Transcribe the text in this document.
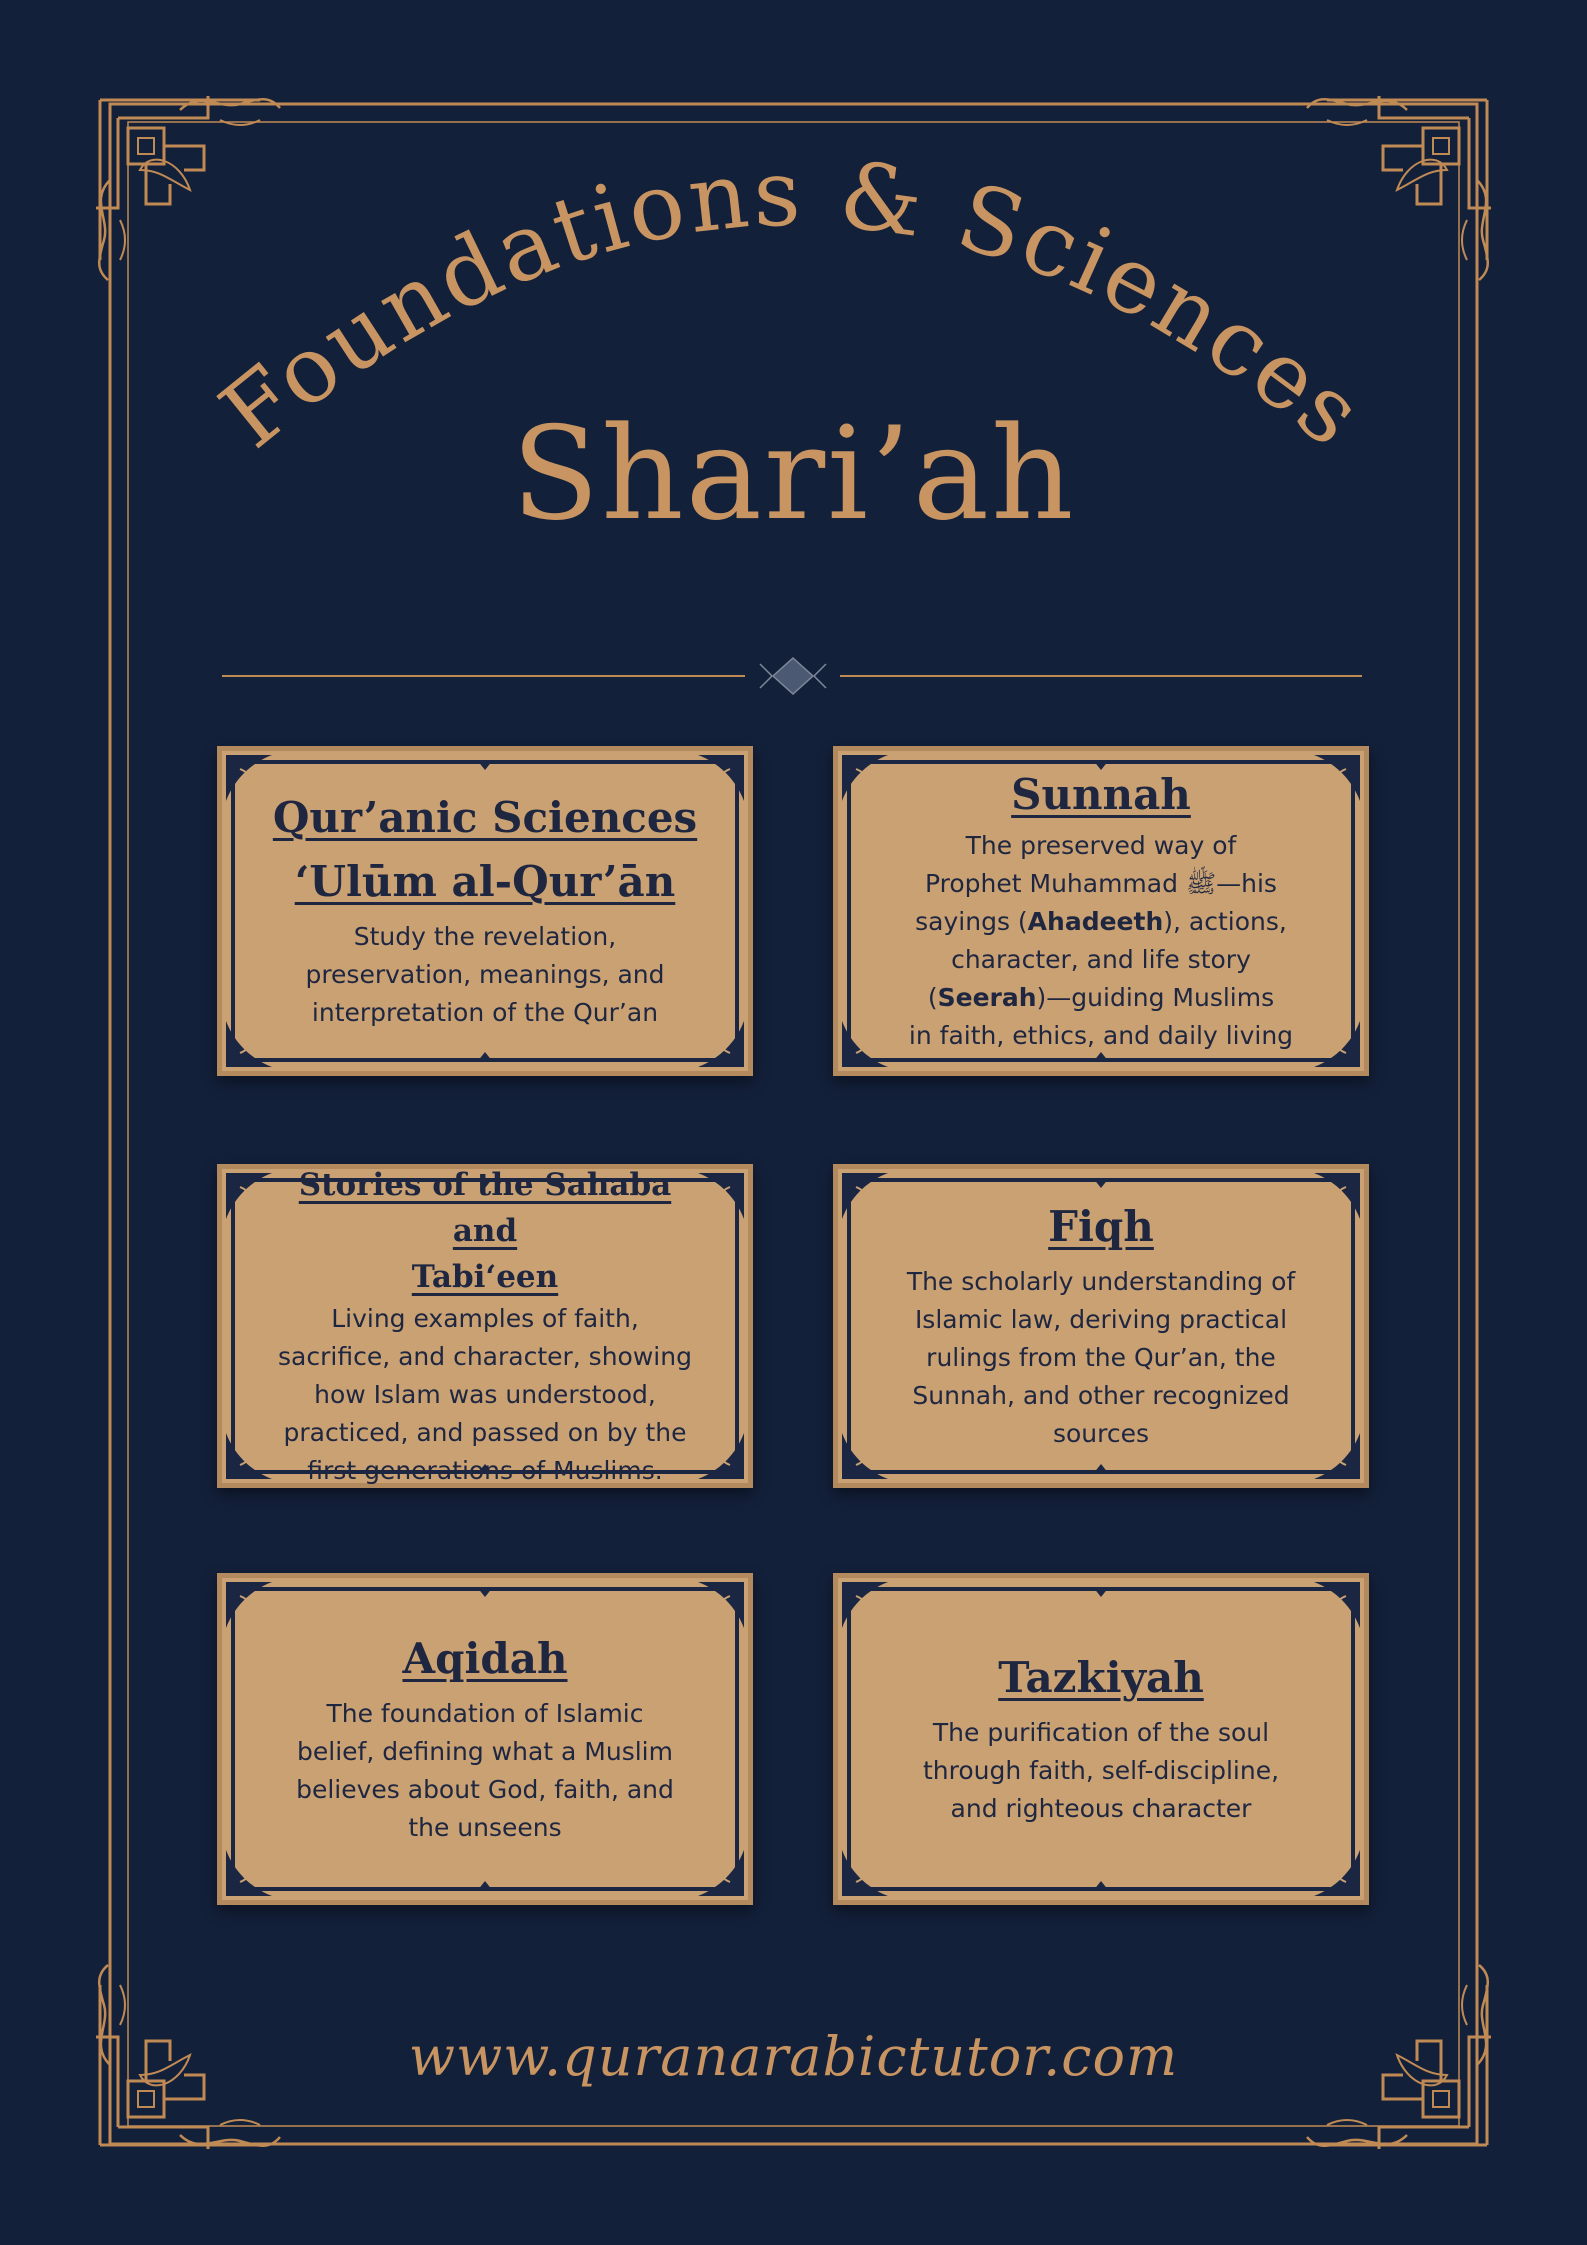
Foundations & Sciences
Shari’ah
Qur’anic Sciences
‘Ulūm al-Qur’ān

Study the revelation,
preservation, meanings, and
interpretation of the Qur’an

Sunnah

The preserved way of
Prophet Muhammad ﷺ—his
sayings (Ahadeeth), actions,
character, and life story
(Seerah)—guiding Muslims
in faith, ethics, and daily living

Stories of the Sahaba and
Tabi‘een

Living examples of faith,
sacrifice, and character, showing
how Islam was understood,
practiced, and passed on by the
first generations of Muslims.

Fiqh

The scholarly understanding of
Islamic law, deriving practical
rulings from the Qur’an, the
Sunnah, and other recognized
sources

Aqidah

The foundation of Islamic
belief, defining what a Muslim
believes about God, faith, and
the unseens

Tazkiyah

The purification of the soul
through faith, self-discipline,
and righteous character

www.quranarabictutor.com
